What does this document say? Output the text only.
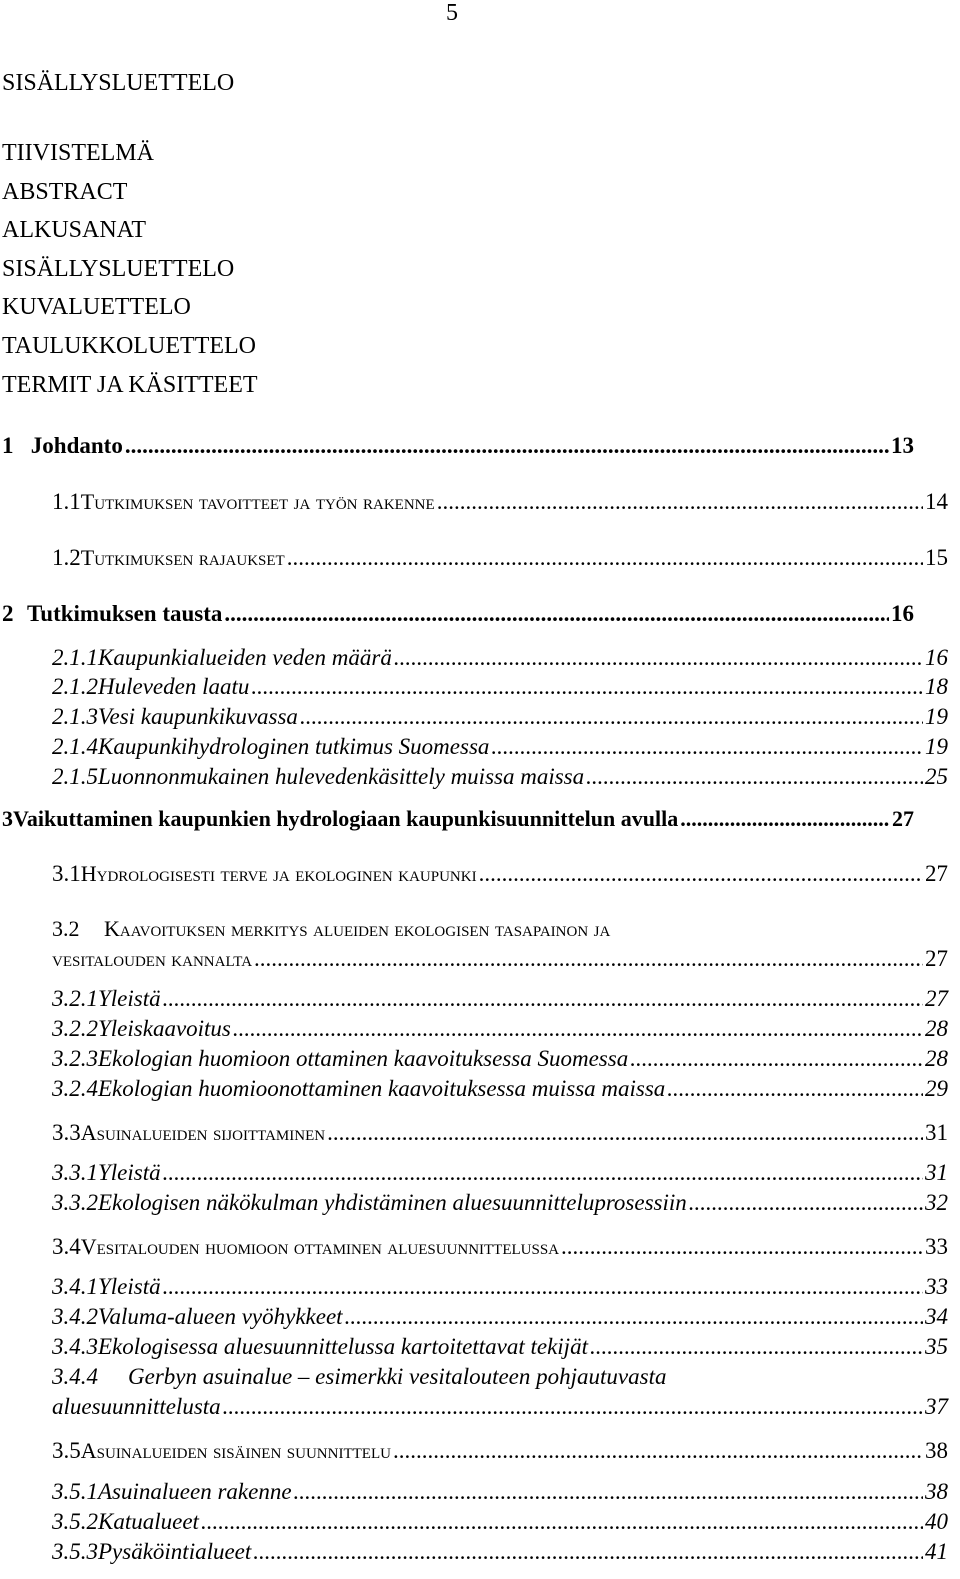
5
SISÄLLYSLUETTELO
TIIVISTELMÄ
ABSTRACT
ALKUSANAT
SISÄLLYSLUETTELO
KUVALUETTELO
TAULUKKOLUETTELO
TERMIT JA KÄSITTEET
1 Johdanto .....	13
1.1 Tutkimuksen tavoitteet ja työn rakenne .....	14
1.2 Tutkimuksen rajaukset .....	15
2 Tutkimuksen tausta .....	16
2.1.1 Kaupunkialueiden veden määrä .....	16
2.1.2 Huleveden laatu .....	18
2.1.3 Vesi kaupunkikuvassa .....	19
2.1.4 Kaupunkihydrologinen tutkimus Suomessa .....	19
2.1.5 Luonnonmukainen hulevedenkäsittely muissa maissa .....	25
3 Vaikuttaminen kaupunkien hydrologiaan kaupunkisuunnittelun avulla .....	27
3.1 Hydrologisesti terve ja ekologinen kaupunki .....	27
3.2 Kaavoituksen merkitys alueiden ekologisen tasapainon ja
vesitalouden kannalta .....	27
3.2.1 Yleistä .....	27
3.2.2 Yleiskaavoitus .....	28
3.2.3 Ekologian huomioon ottaminen kaavoituksessa Suomessa .....	28
3.2.4 Ekologian huomioonottaminen kaavoituksessa muissa maissa .....	29
3.3 Asuinalueiden sijoittaminen .....	31
3.3.1 Yleistä .....	31
3.3.2 Ekologisen näkökulman yhdistäminen aluesuunnitteluprosessiin .....	32
3.4 Vesitalouden huomioon ottaminen aluesuunnittelussa .....	33
3.4.1 Yleistä .....	33
3.4.2 Valuma-alueen vyöhykkeet .....	34
3.4.3 Ekologisessa aluesuunnittelussa kartoitettavat tekijät .....	35
3.4.4 Gerbyn asuinalue – esimerkki vesitalouteen pohjautuvasta
aluesuunnittelusta .....	37
3.5 Asuinalueiden sisäinen suunnittelu .....	38
3.5.1 Asuinalueen rakenne .....	38
3.5.2 Katualueet .....	40
3.5.3 Pysäköintialueet .....	41
